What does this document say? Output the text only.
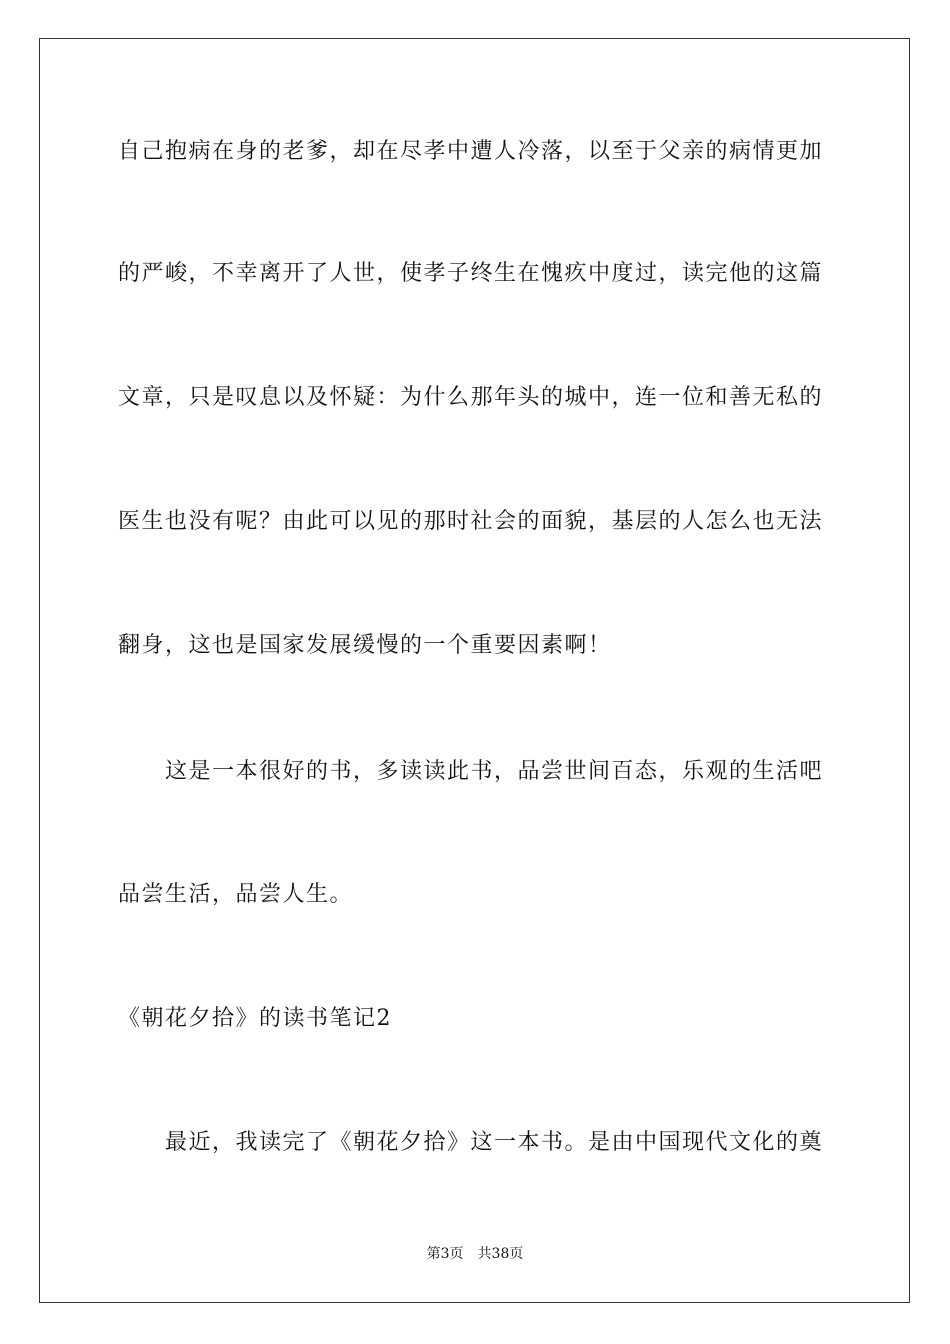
自己抱病在身的老爹，却在尽孝中遭人冷落，以至于父亲的病情更加
的严峻，不幸离开了人世，使孝子终生在愧疚中度过，读完他的这篇
文章，只是叹息以及怀疑：为什么那年头的城中，连一位和善无私的
医生也没有呢？由此可以见的那时社会的面貌，基层的人怎么也无法
翻身，这也是国家发展缓慢的一个重要因素啊！
这是一本很好的书，多读读此书，品尝世间百态，乐观的生活吧
品尝生活，品尝人生。
《朝花夕拾》的读书笔记2
最近，我读完了《朝花夕拾》这一本书。是由中国现代文化的奠
第3页 共38页
